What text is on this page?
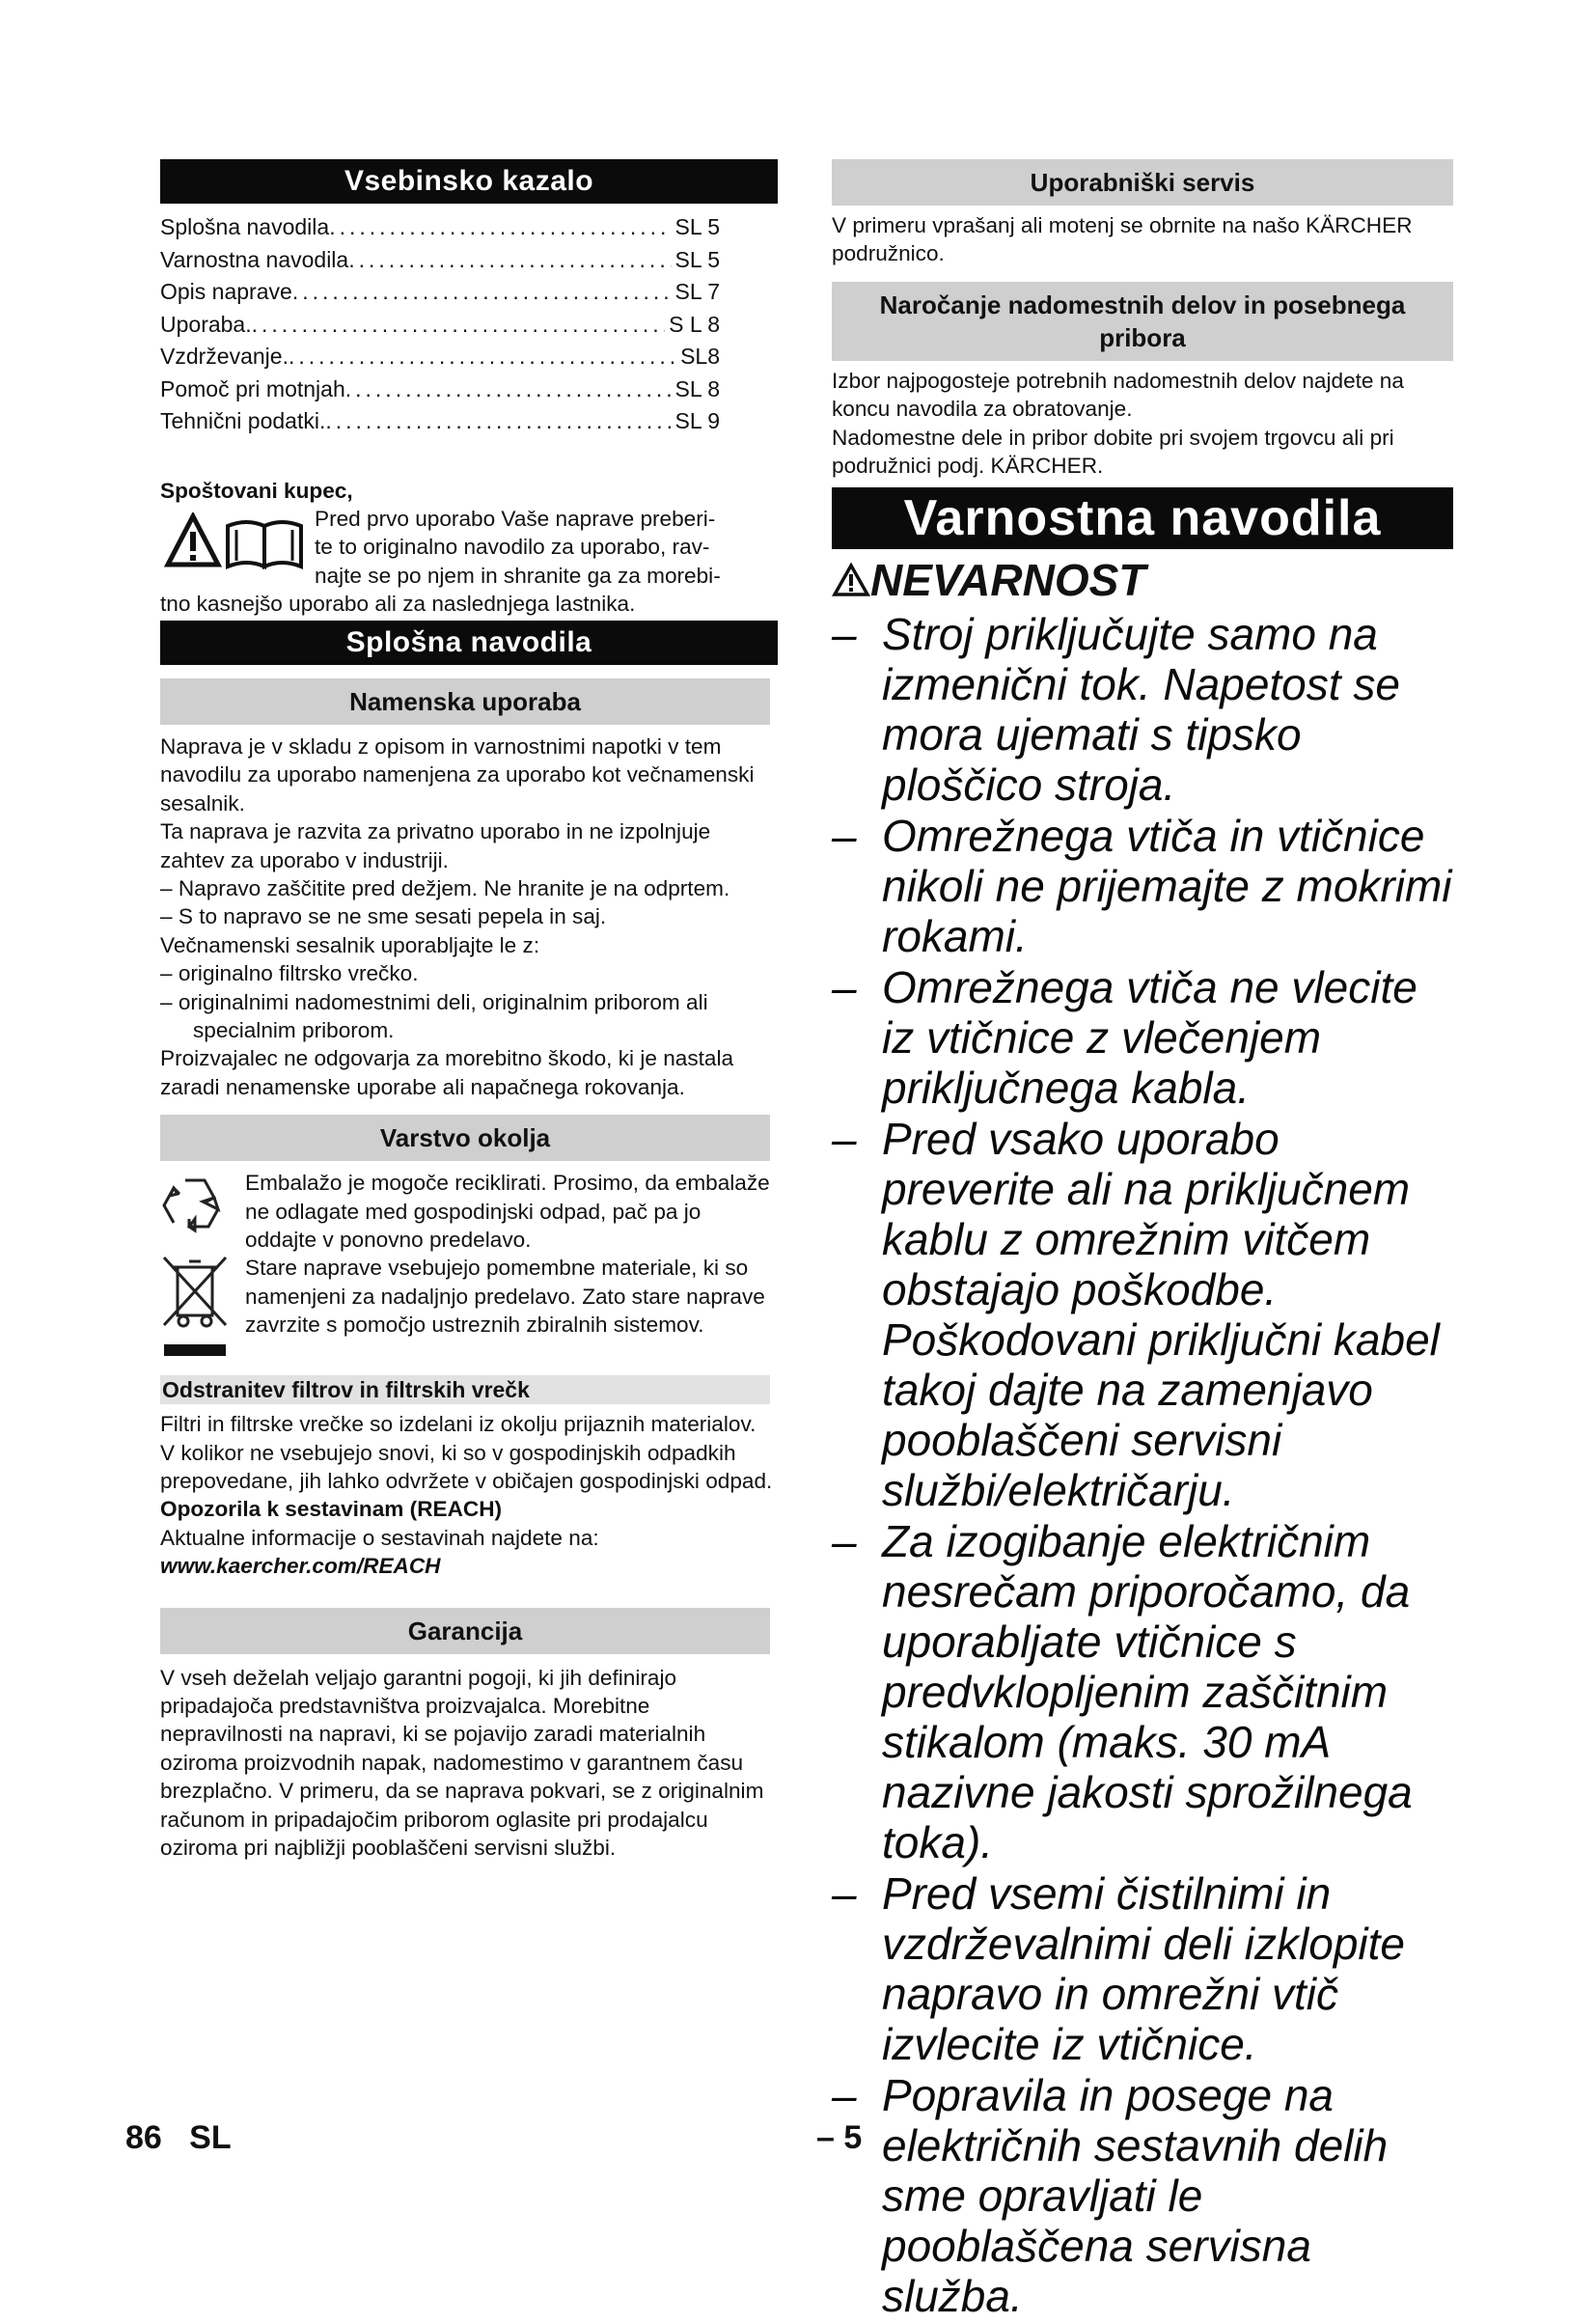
Vsebinsko kazalo
Splošna navodila .....	SL 5
Varnostna navodila .....	SL 5
Opis naprave .....	SL 7
Uporaba. .....	S L 8
Vzdrževanje. .....	SL8
Pomoč pri motnjah .....	SL 8
Tehnični podatki. .....	SL 9

Spoštovani kupec,

Pred prvo uporabo Vaše naprave preberi-
te to originalno navodilo za uporabo, rav-
najte se po njem in shranite ga za morebi-
tno kasnejšo uporabo ali za naslednjega lastnika.
Splošna navodila
Namenska uporaba

Naprava je v skladu z opisom in varnostnimi napotki v tem navodilu za uporabo namenjena za uporabo kot večnamenski sesalnik.

Ta naprava je razvita za privatno uporabo in ne izpolnjuje zahtev za uporabo v industriji.

– Napravo zaščitite pred dežjem. Ne hranite je na odprtem.

– S to napravo se ne sme sesati pepela in saj.

Večnamenski sesalnik uporabljajte le z:

– originalno filtrsko vrečko.

– originalnimi nadomestnimi deli, originalnim priborom ali specialnim priborom.

Proizvajalec ne odgovarja za morebitno škodo, ki je nastala zaradi nenamenske uporabe ali napačnega rokovanja.

Varstvo okolja

Embalažo je mogoče reciklirati. Prosimo, da embalaže ne odlagate med gospodinjski odpad, pač pa jo oddajte v ponovno predelavo.

Stare naprave vsebujejo pomembne materiale, ki so namenjeni za nadaljnjo predelavo. Zato stare naprave zavrzite s pomočjo ustreznih zbiralnih sistemov.

Odstranitev filtrov in filtrskih vrečk

Filtri in filtrske vrečke so izdelani iz okolju prijaznih materialov.

V kolikor ne vsebujejo snovi, ki so v gospodinjskih odpadkih prepovedane, jih lahko odvržete v običajen gospodinjski odpad.

Opozorila k sestavinam (REACH)

Aktualne informacije o sestavinah najdete na:

www.kaercher.com/REACH

Garancija

V vseh deželah veljajo garantni pogoji, ki jih definirajo pripadajoča predstavništva proizvajalca. Morebitne nepravilnosti na napravi, ki se pojavijo zaradi materialnih oziroma proizvodnih napak, nadomestimo v garantnem času brezplačno. V primeru, da se naprava pokvari, se z originalnim računom in pripadajočim priborom oglasite pri prodajalcu oziroma pri najbližji pooblaščeni servisni službi.

Uporabniški servis

V primeru vprašanj ali motenj se obrnite na našo KÄRCHER podružnico.

Naročanje nadomestnih delov in posebnega pribora

Izbor najpogosteje potrebnih nadomestnih delov najdete na koncu navodila za obratovanje.

Nadomestne dele in pribor dobite pri svojem trgovcu ali pri podružnici podj. KÄRCHER.

Varnostna navodila
NEVARNOST
– Stroj priključujte samo na izmenični tok. Napetost se mora ujemati s tipsko ploščico stroja.
– Omrežnega vtiča in vtičnice nikoli ne prijemajte z mokrimi rokami.
– Omrežnega vtiča ne vlecite iz vtičnice z vlečenjem priključnega kabla.
– Pred vsako uporabo preverite ali na priključnem kablu z omrežnim vitčem obstajajo poškodbe. Poškodovani priključni kabel takoj dajte na zamenjavo pooblaščeni servisni službi/električarju.
– Za izogibanje električnim nesrečam priporočamo, da uporabljate vtičnice s predvklopljenim zaščitnim stikalom (maks. 30 mA nazivne jakosti sprožilnega toka).
– Pred vsemi čistilnimi in vzdrževalnimi deli izklopite napravo in omrežni vtič izvlecite iz vtičnice.
– Popravila in posege na električnih sestavnih delih sme opravljati le pooblaščena servisna služba.
86 SL	– 5
